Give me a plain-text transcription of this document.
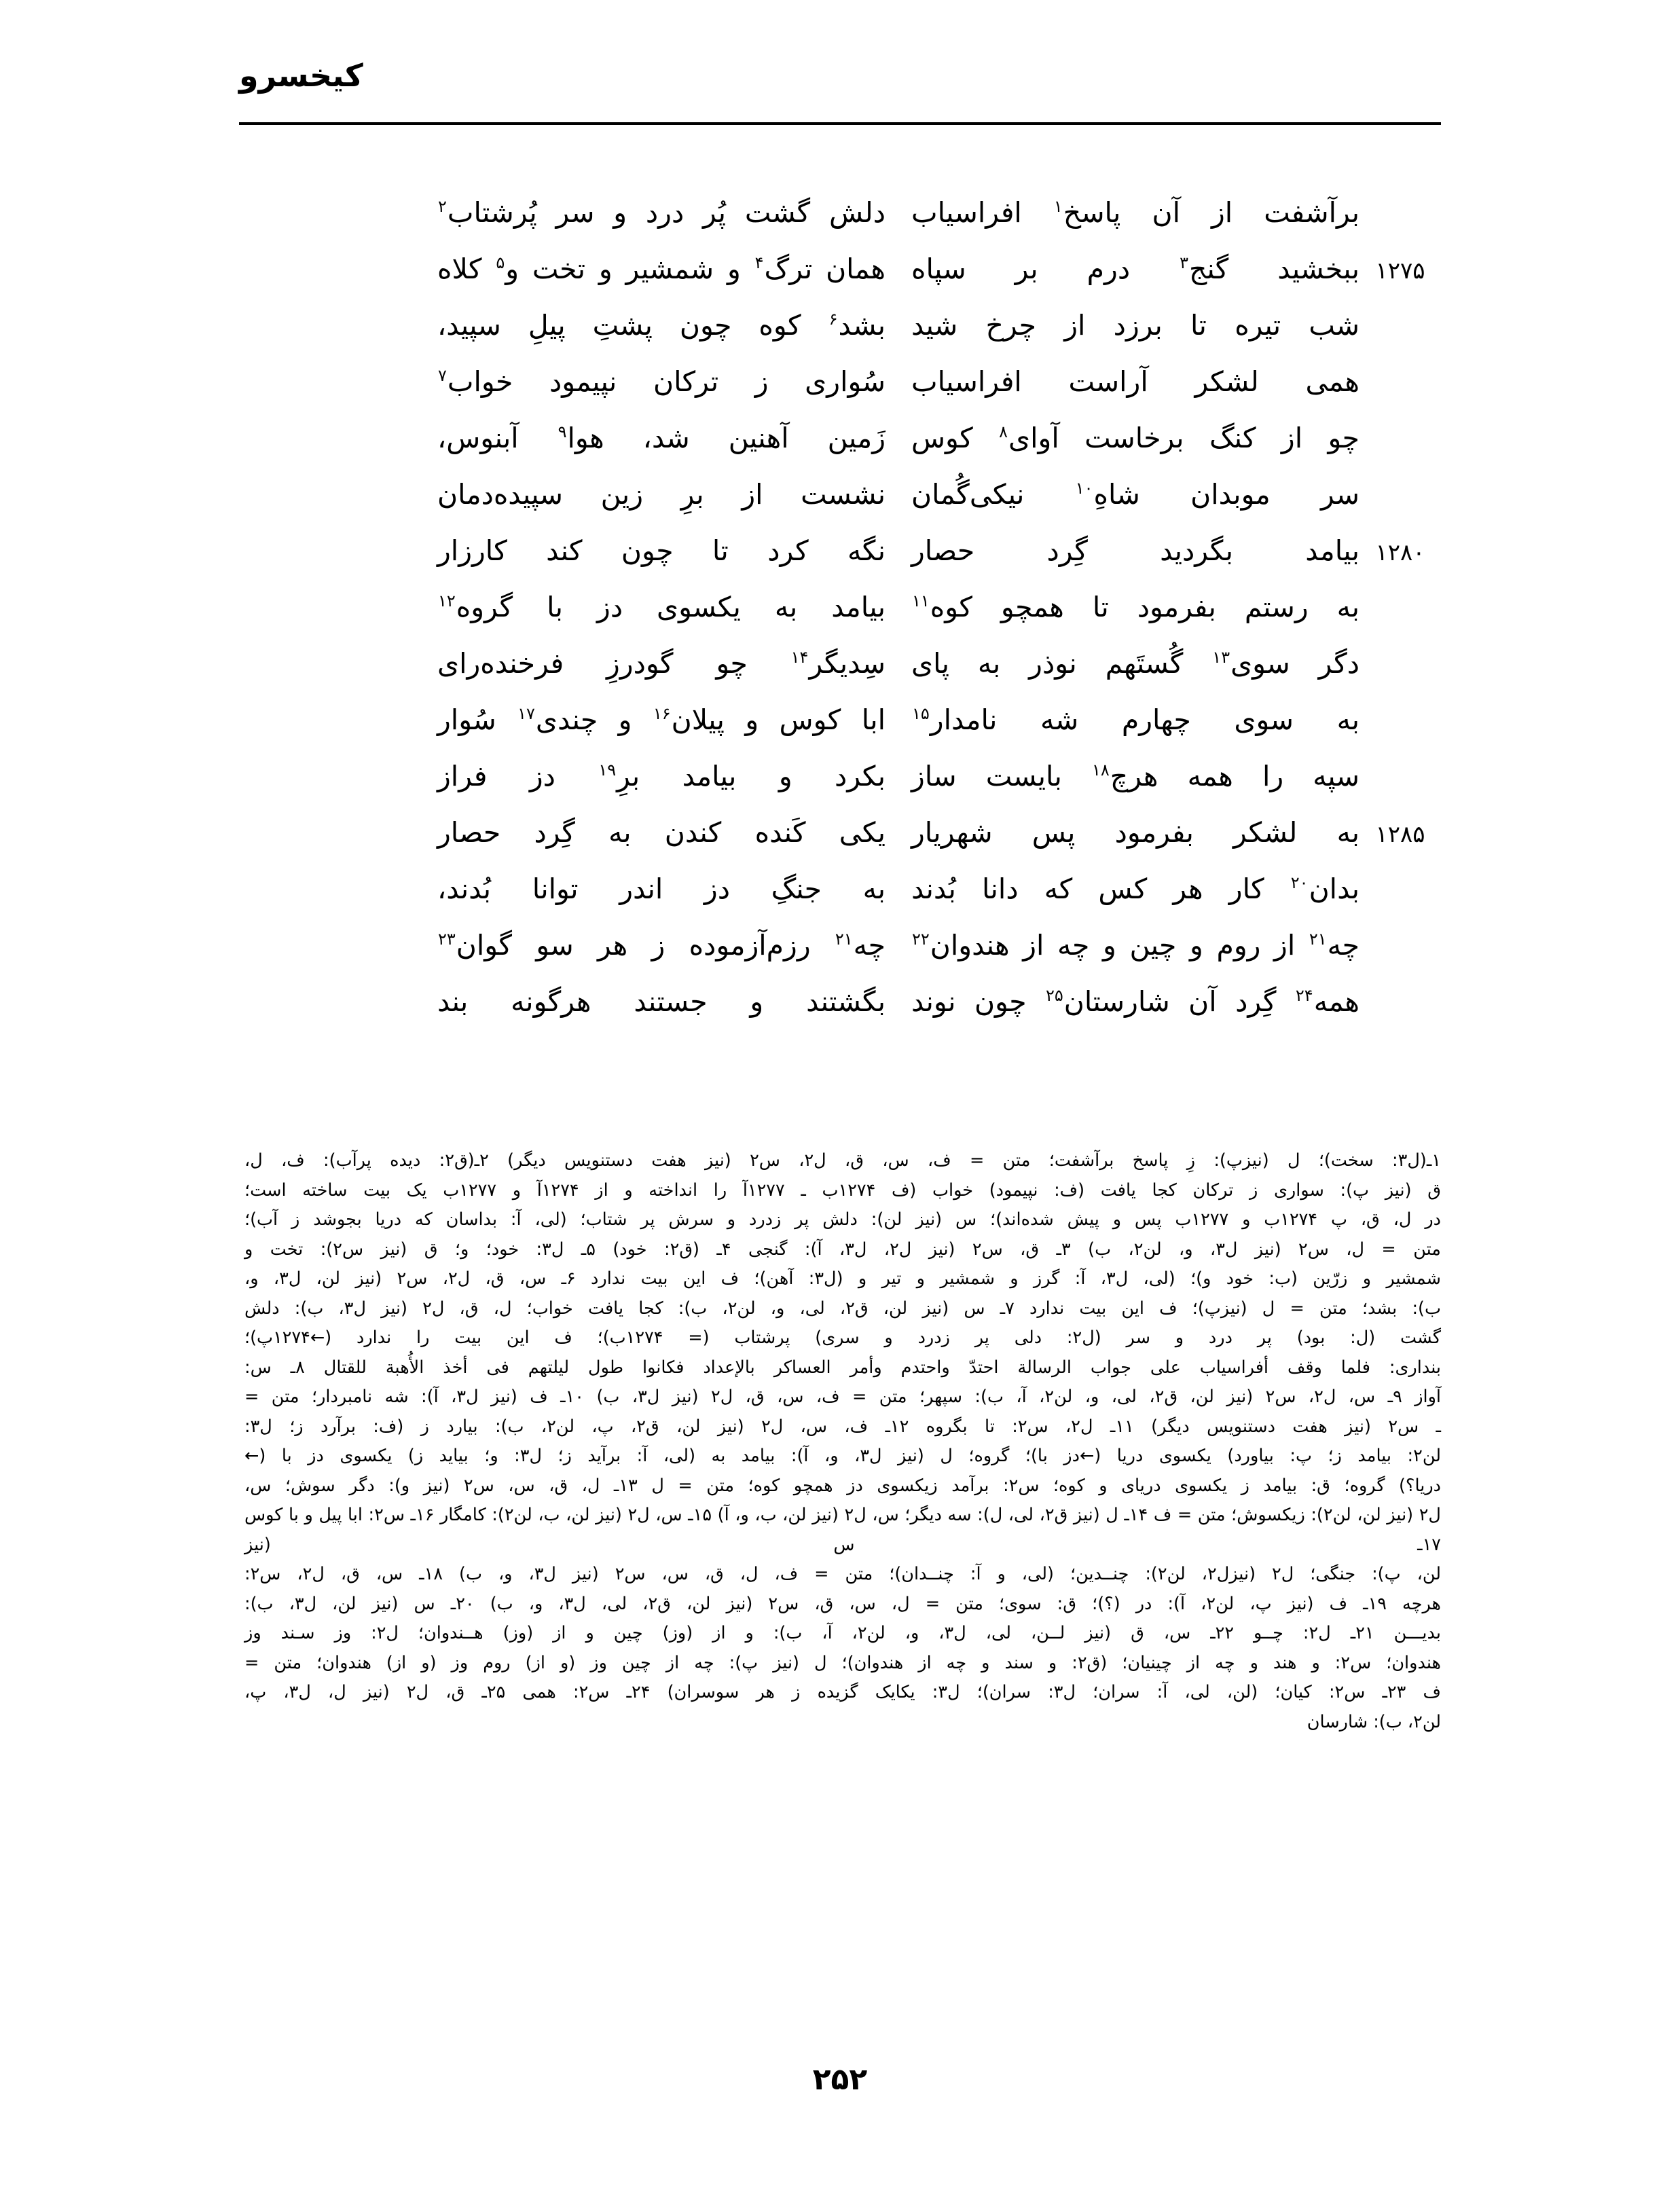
کیخسرو
برآشفت از آن پاسخ$^۱$ افراسیاب
دلش گشت پُر درد و سر پُرشتاب$^۲$
۱۲۷۵
ببخشید گنج$^۳$ درم بر سپاه
همان ترگ$^۴$ و شمشیر و تخت و$^۵$ کلاه
شب تیره تا برزد از چرخ شید
بشد$^۶$ کوه چون پشتِ پیلِ سپید،
همی لشکر آراست افراسیاب
سُواری ز ترکان نپیمود خواب$^۷$
چو از کنگ برخاست آوای$^۸$ کوس
زَمین آهنین شد، هوا$^۹$ آبنوس،
سر موبدان شاهِ$^{۱۰}$ نیکی‌گُمان
نشست از برِ زین سپیده‌دمان
۱۲۸۰
بیامد بگردید گِرد حصار
نگه کرد تا چون کند کارزار
به رستم بفرمود تا همچو کوه$^{۱۱}$
بیامد به یکسوی دز با گروه$^{۱۲}$
دگر سوی$^{۱۳}$ گُستَهم نوذر به پای
سِدیگر$^{۱۴}$ چو گودرزِ فرخنده‌رای
به سوی چهارم شه نامدار$^{۱۵}$
ابا کوس و پیلان$^{۱۶}$ و چندی$^{۱۷}$ سُوار
سپه را همه هرچ$^{۱۸}$ بایست ساز
بکرد و بیامد برِ$^{۱۹}$ دز فراز
۱۲۸۵
به لشکر بفرمود پس شهریار
یکی کَنده کندن به گِرد حصار
بدان$^{۲۰}$ کار هر کس که دانا بُدند
به جنگِ دز اندر توانا بُدند،
چه$^{۲۱}$ از روم و چین و چه از هندوان$^{۲۲}$
چه$^{۲۱}$ رزم‌آزموده ز هر سو گوان$^{۲۳}$
همه$^{۲۴}$ گِرد آن شارستان$^{۲۵}$ چون نوند
بگشتند و جستند هرگونه بند

۱ـ(ل۳: سخت)؛ ل (نیزپ): زِ پاسخ برآشفت؛ متن = ف، س، ق، ل۲، س۲ (نیز هفت دستنویس دیگر) ۲ـ(ق۲: دیده پرآب): ف، ل،

ق (نیز پ): سواری ز ترکان کجا یافت (ف: نپیمود) خواب (ف ۱۲۷۴ب ـ ۱۲۷۷آ را انداخته و از ۱۲۷۴آ و ۱۲۷۷ب یک بیت ساخته است؛

در ل، ق، پ ۱۲۷۴ب و ۱۲۷۷ب پس و پیش شده‌اند)؛ س (نیز لن): دلش پر زدرد و سرش پر شتاب؛ (لی، آ: بداسان که دریا بجوشد ز آب)؛

متن = ل، س۲ (نیز ل۳، و، لن۲، ب) ۳ـ ق، س۲ (نیز ل۲، ل۳، آ): گنجی ۴ـ (ق۲: خود) ۵ـ ل۳: خود؛ و؛ ق (نیز س۲): تخت و

شمشیر و زرّین (ب: خود و)؛ (لی، ل۳، آ: گرز و شمشیر و تیر و (ل۳: آهن)؛ ف این بیت ندارد ۶ـ س، ق، ل۲، س۲ (نیز لن، ل۳، و،

ب): بشد؛ متن = ل (نیزپ)؛ ف این بیت ندارد ۷ـ س (نیز لن، ق۲، لی، و، لن۲، ب): کجا یافت خواب؛ ل، ق، ل۲ (نیز ل۳، ب): دلش

گشت (ل: بود) پر درد و سر (ل۲: دلی پر زدرد و سری) پرشتاب (= ۱۲۷۴ب)؛ ف این بیت را ندارد (←۱۲۷۴پ)؛

بنداری: فلما وقف أفراسیاب علی جواب الرسالة احتدّ واحتدم وأمر العساکر بالإعداد فکانوا طول لیلتهم فی أخذ الأُهبة للقتال ۸ـ س:

آواز ۹ـ س، ل۲، س۲ (نیز لن، ق۲، لی، و، لن۲، آ، ب): سپهر؛ متن = ف، س، ق، ل۲ (نیز ل۳، ب) ۱۰ـ ف (نیز ل۳، آ): شه نامبردار؛ متن =

ـ س۲ (نیز هفت دستنویس دیگر) ۱۱ـ ل۲، س۲: تا بگروه ۱۲ـ ف، س، ل۲ (نیز لن، ق۲، پ، لن۲، ب): بیارد ز (ف: برآرد ز؛ ل۳:

لن۲: بیامد ز؛ پ: بیاورد) یکسوی دریا (←دز با)؛ گروه؛ ل (نیز ل۳، و، آ): بیامد به (لی، آ: برآید ز؛ ل۳: و؛ بیاید ز) یکسوی دز با (←

دریا؟) گروه؛ ق: بیامد ز یکسوی دریای و کوه؛ س۲: برآمد زیکسوی دز همچو کوه؛ متن = ل ۱۳ـ ل، ق، س، س۲ (نیز و): دگر سوش؛ س،

ل۲ (نیز لن، لن۲): زیکسوش؛ متن = ف ۱۴ـ ل (نیز ق۲، لی، ل): سه دیگر؛ س، ل۲ (نیز لن، ب، و، آ) ۱۵ـ س، ل۲ (نیز لن، ب، لن۲): کامگار ۱۶ـ س۲: ابا پیل و با کوس ۱۷ـ س (نیز

لن، پ): جنگی؛ ل۲ (نیزل۲، لن۲): چنــدین؛ (لی، و آ: چنــدان)؛ متن = ف، ل، ق، س، س۲ (نیز ل۳، و، ب) ۱۸ـ س، ق، ل۲، س۲:

هرچه ۱۹ـ ف (نیز پ، لن۲، آ): در (؟)؛ ق: سوی؛ متن = ل، س، ق، س۲ (نیز لن، ق۲، لی، ل۳، و، ب) ۲۰ـ س (نیز لن، ل۳، ب):

بدیـــن ۲۱ـ ل۲: چــو ۲۲ـ س، ق (نیز لــن، لی، ل۳، و، لن۲، آ، ب): و از (وز) چین و از (وز) هــندوان؛ ل۲: وز سـند وز

هندوان؛ س۲: و هند و چه از چینیان؛ (ق۲: و سند و چه از هندوان)؛ ل (نیز پ): چه از چین وز (و از) روم وز (و از) هندوان؛ متن =

ف ۲۳ـ س۲: کیان؛ (لن، لی، آ: سران؛ ل۳: سران)؛ ل۳: یکایک گزیده ز هر سوسران) ۲۴ـ س۲: همی ۲۵ـ ق، ل۲ (نیز ل، ل۳، پ،

لن۲، ب): شارسان

۲۵۲
